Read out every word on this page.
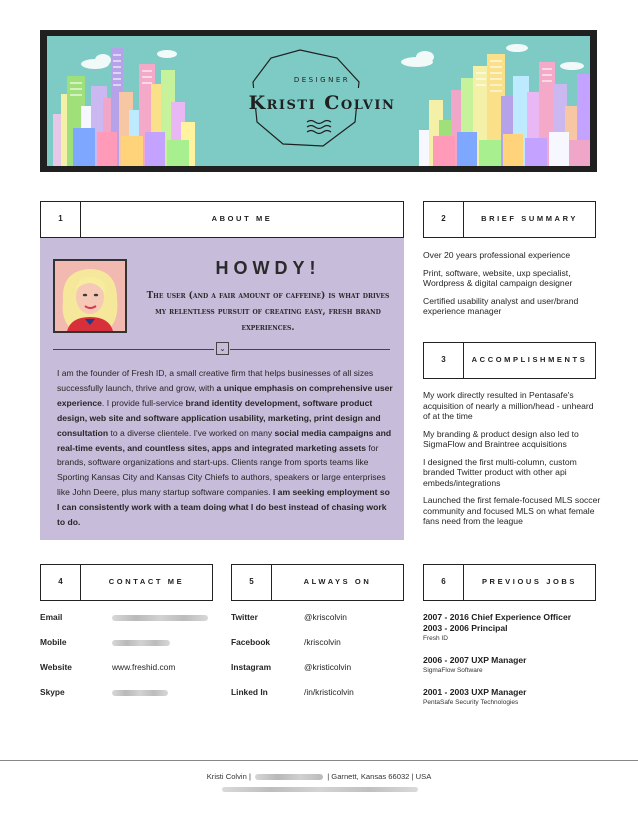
DESIGNER
Kristi Colvin
1	ABOUT ME	2	BRIEF SUMMARY
3	ACCOMPLISHMENTS
4	CONTACT ME	5	ALWAYS ON	6	PREVIOUS JOBS
HOWDY!
The user (and a fair amount of caffeine) is what drives my relentless pursuit of creating easy, fresh brand experiences.
⌄
I am the founder of Fresh ID, a small creative firm that helps businesses of all sizes successfully launch, thrive and grow, with a unique emphasis on comprehensive user experience. I provide full-service brand identity development, software product design, web site and software application usability, marketing, print design and consultation to a diverse clientele. I've worked on many social media campaigns and real-time events, and countless sites, apps and integrated marketing assets for brands, software organizations and start-ups. Clients range from sports teams like Sporting Kansas City and Kansas City Chiefs to authors, speakers or large enterprises like John Deere, plus many startup software companies. I am seeking employment so I can consistently work with a team doing what I do best instead of chasing work to do.

Over 20 years professional experience

Print, software, website, uxp specialist, Wordpress & digital campaign designer

Certified usability analyst and user/brand experience manager

My work directly resulted in Pentasafe's acquisition of nearly a million/head - unheard of at the time

My branding & product design also led to SigmaFlow and Braintree acquisitions

I designed the first multi-column, custom branded Twitter product with other api embeds/integrations

Launched the first female-focused MLS soccer community and focused MLS on what female fans need from the league

Email
Mobile
Website	www.freshid.com
Skype
Twitter	@kriscolvin
Facebook	/kriscolvin
Instagram	@kristicolvin
Linked In	/in/kristicolvin
2007 - 2016 Chief Experience Officer
2003 - 2006 Principal
Fresh ID
2006 - 2007 UXP Manager
SigmaFlow Software
2001 - 2003 UXP Manager
PentaSafe Security Technologies
Kristi Colvin |	| Garnett, Kansas 66032 | USA
